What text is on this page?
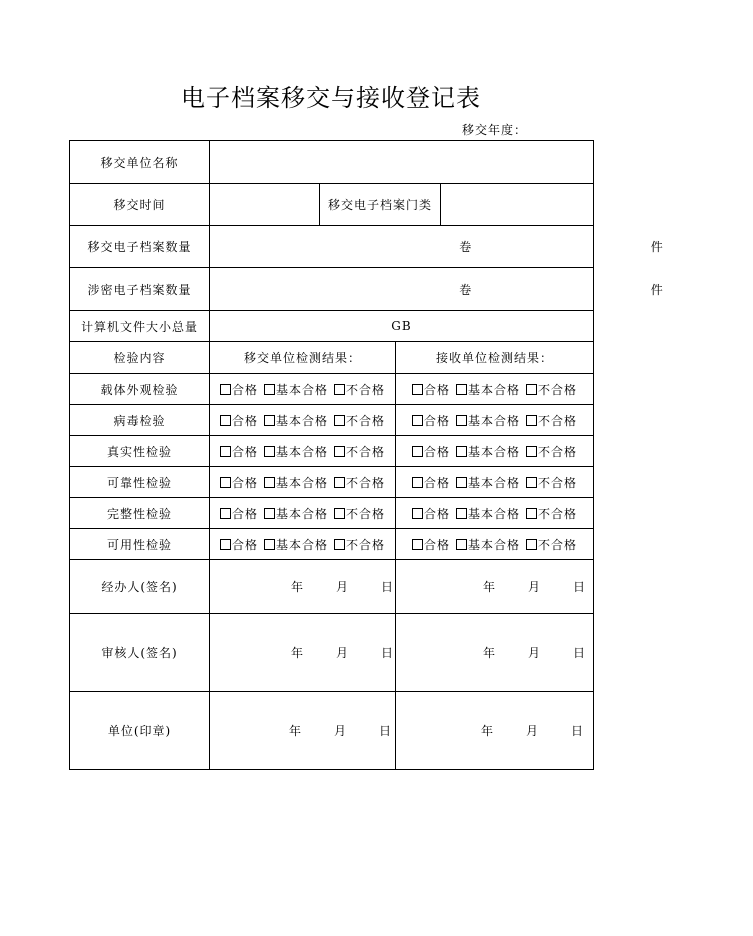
电子档案移交与接收登记表
移交年度：
移交单位名称				
移交时间		移交电子档案门类		
移交电子档案数量	卷 件			

涉密电子档案数量	卷 件			

计算机文件大小总量	GB			
检验内容	移交单位检测结果：		接收单位检测结果：	
载体外观检验	合格 基本合格 不合格		合格 基本合格 不合格	
病毒检验	合格 基本合格 不合格		合格 基本合格 不合格	
真实性检验	合格 基本合格 不合格		合格 基本合格 不合格	
可靠性检验	合格 基本合格 不合格		合格 基本合格 不合格	
完整性检验	合格 基本合格 不合格		合格 基本合格 不合格	
可用性检验	合格 基本合格 不合格		合格 基本合格 不合格	
经办人(签名)	年 月 日		年 月 日	

审核人(签名)	年 月 日		年 月 日	

单位(印章)	年 月 日		年 月 日	
